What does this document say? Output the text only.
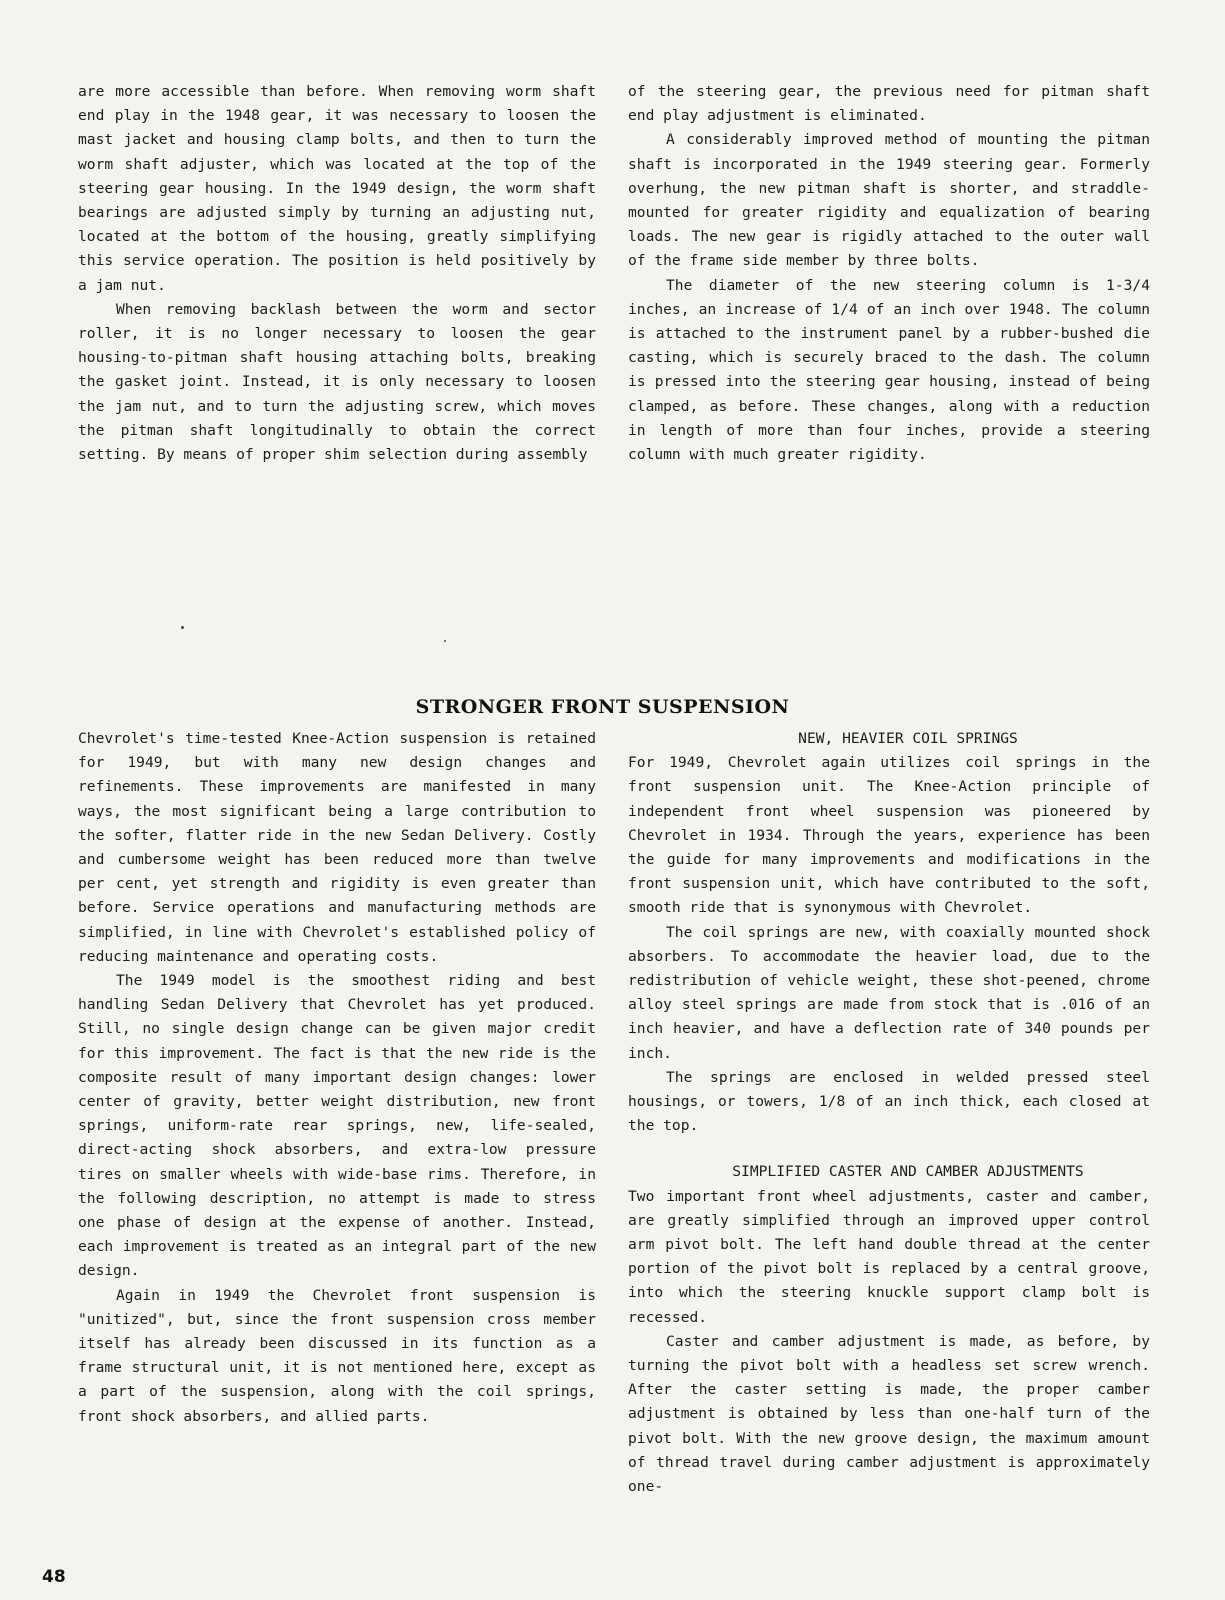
are more accessible than before. When removing worm shaft end play in the 1948 gear, it was necessary to loosen the mast jacket and housing clamp bolts, and then to turn the worm shaft adjuster, which was located at the top of the steering gear housing. In the 1949 design, the worm shaft bearings are adjusted simply by turning an adjusting nut, located at the bottom of the housing, greatly simplifying this service operation. The position is held positively by a jam nut.

When removing backlash between the worm and sector roller, it is no longer necessary to loosen the gear housing-to-pitman shaft housing attaching bolts, breaking the gasket joint. Instead, it is only necessary to loosen the jam nut, and to turn the adjusting screw, which moves the pitman shaft longitudinally to obtain the correct setting. By means of proper shim selection during assembly

of the steering gear, the previous need for pitman shaft end play adjustment is eliminated.

A considerably improved method of mounting the pitman shaft is incorporated in the 1949 steering gear. Formerly overhung, the new pitman shaft is shorter, and straddle-mounted for greater rigidity and equalization of bearing loads. The new gear is rigidly attached to the outer wall of the frame side member by three bolts.

The diameter of the new steering column is 1-3/4 inches, an increase of 1/4 of an inch over 1948. The column is attached to the instrument panel by a rubber-bushed die casting, which is securely braced to the dash. The column is pressed into the steering gear housing, instead of being clamped, as before. These changes, along with a reduction in length of more than four inches, provide a steering column with much greater rigidity.

STRONGER FRONT SUSPENSION

Chevrolet's time-tested Knee-Action suspension is retained for 1949, but with many new design changes and refinements. These improvements are manifested in many ways, the most significant being a large contribution to the softer, flatter ride in the new Sedan Delivery. Costly and cumbersome weight has been reduced more than twelve per cent, yet strength and rigidity is even greater than before. Service operations and manufacturing methods are simplified, in line with Chevrolet's established policy of reducing maintenance and operating costs.

The 1949 model is the smoothest riding and best handling Sedan Delivery that Chevrolet has yet produced. Still, no single design change can be given major credit for this improvement. The fact is that the new ride is the composite result of many important design changes: lower center of gravity, better weight distribution, new front springs, uniform-rate rear springs, new, life-sealed, direct-acting shock absorbers, and extra-low pressure tires on smaller wheels with wide-base rims. Therefore, in the following description, no attempt is made to stress one phase of design at the expense of another. Instead, each improvement is treated as an integral part of the new design.

Again in 1949 the Chevrolet front suspension is "unitized", but, since the front suspension cross member itself has already been discussed in its function as a frame structural unit, it is not mentioned here, except as a part of the suspension, along with the coil springs, front shock absorbers, and allied parts.

NEW, HEAVIER COIL SPRINGS

For 1949, Chevrolet again utilizes coil springs in the front suspension unit. The Knee-Action principle of independent front wheel suspension was pioneered by Chevrolet in 1934. Through the years, experience has been the guide for many improvements and modifications in the front suspension unit, which have contributed to the soft, smooth ride that is synonymous with Chevrolet.

The coil springs are new, with coaxially mounted shock absorbers. To accommodate the heavier load, due to the redistribution of vehicle weight, these shot-peened, chrome alloy steel springs are made from stock that is .016 of an inch heavier, and have a deflection rate of 340 pounds per inch.

The springs are enclosed in welded pressed steel housings, or towers, 1/8 of an inch thick, each closed at the top.

SIMPLIFIED CASTER AND CAMBER ADJUSTMENTS

Two important front wheel adjustments, caster and camber, are greatly simplified through an improved upper control arm pivot bolt. The left hand double thread at the center portion of the pivot bolt is replaced by a central groove, into which the steering knuckle support clamp bolt is recessed.

Caster and camber adjustment is made, as before, by turning the pivot bolt with a headless set screw wrench. After the caster setting is made, the proper camber adjustment is obtained by less than one-half turn of the pivot bolt. With the new groove design, the maximum amount of thread travel during camber adjustment is approximately one-

48
